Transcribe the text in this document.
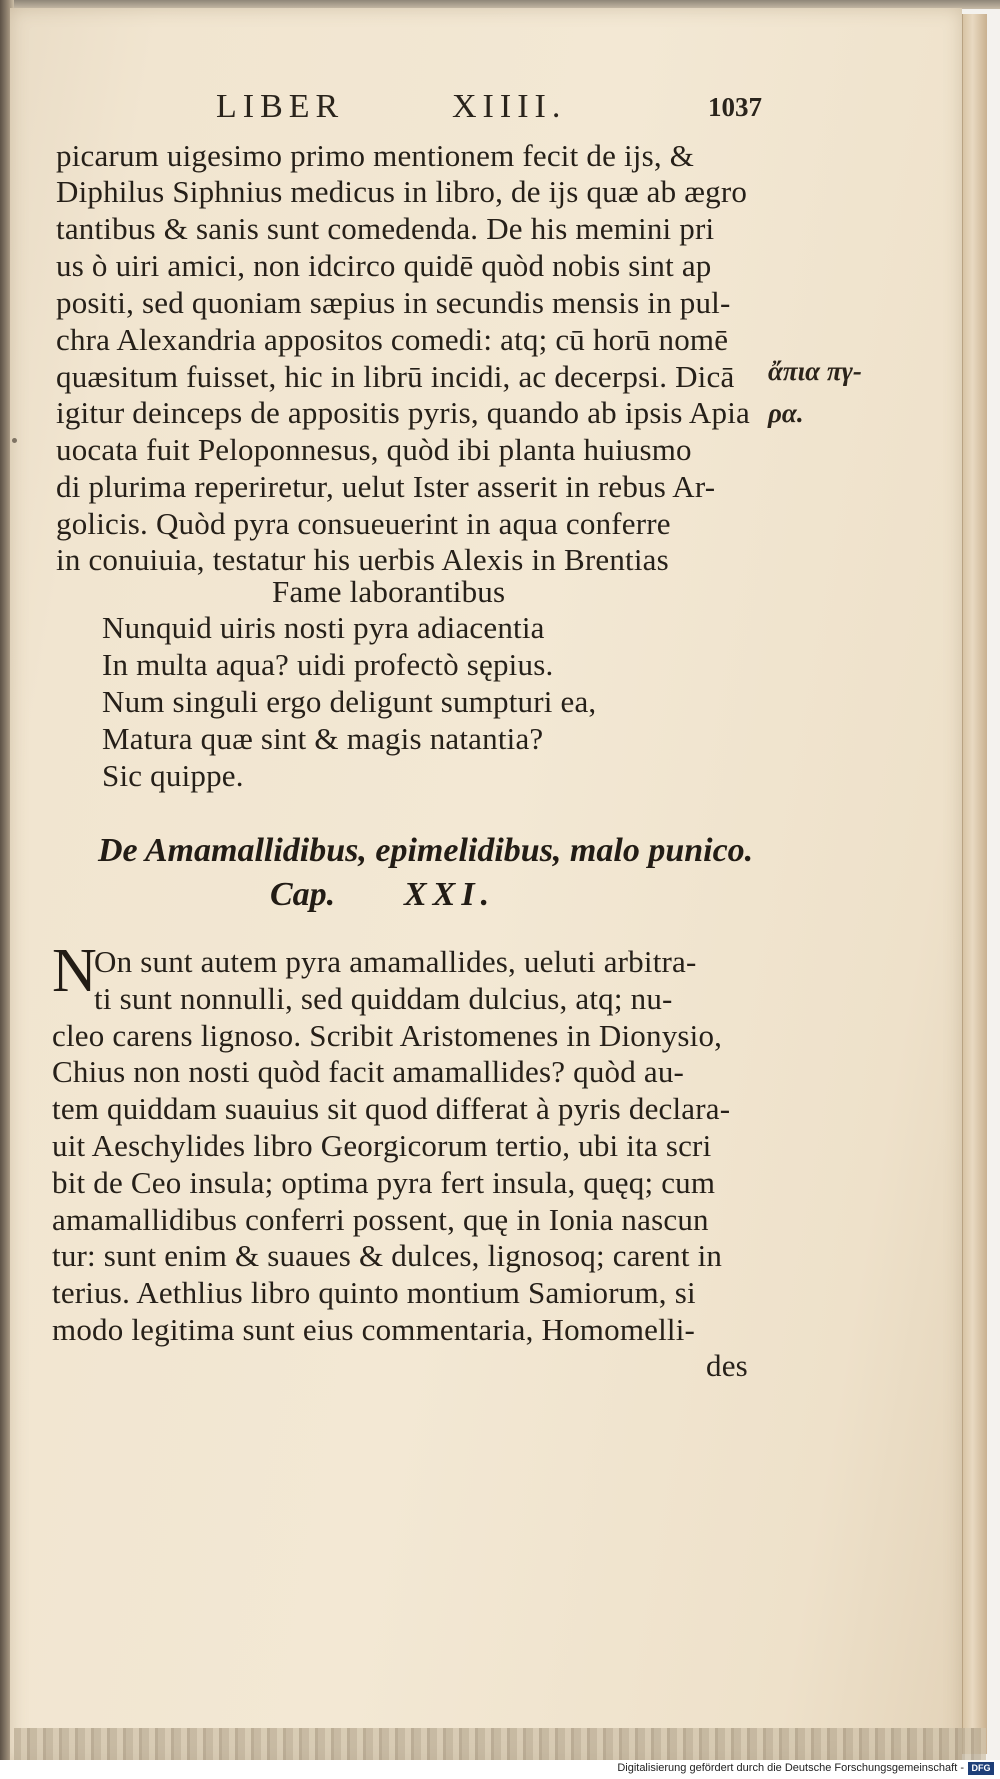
LIBER	XIIII.	1037
picarum uigesimo primo mentionem fecit de ijs, &
Diphilus Siphnius medicus in libro, de ijs quæ ab ægro
tantibus & sanis sunt comedenda. De his memini pri
us ò uiri amici, non idcirco quidē quòd nobis sint ap
positi, sed quoniam sæpius in secundis mensis in pul-
chra Alexandria appositos comedi: atq; cū horū nomē
quæsitum fuisset, hic in librū incidi, ac decerpsi. Dicā
igitur deinceps de appositis pyris, quando ab ipsis Apia
uocata fuit Peloponnesus, quòd ibi planta huiusmo
di plurima reperiretur, uelut Ister asserit in rebus Ar-
golicis. Quòd pyra consueuerint in aqua conferre
in conuiuia, testatur his uerbis Alexis in Brentias
ἄπια πγ-
ρα.
Fame laborantibus
Nunquid uiris nosti pyra adiacentia
In multa aqua? uidi profectò sępius.
Num singuli ergo deligunt sumpturi ea,
Matura quæ sint & magis natantia?
Sic quippe.
De Amamallidibus, epimelidibus, malo punico.
Cap. XXI.
N
On sunt autem pyra amamallides, ueluti arbitra-
ti sunt nonnulli, sed quiddam dulcius, atq; nu-
cleo carens lignoso. Scribit Aristomenes in Dionysio,
Chius non nosti quòd facit amamallides? quòd au-
tem quiddam suauius sit quod differat à pyris declara-
uit Aeschylides libro Georgicorum tertio, ubi ita scri
bit de Ceo insula; optima pyra fert insula, quęq; cum
amamallidibus conferri possent, quę in Ionia nascun
tur: sunt enim & suaues & dulces, lignosoq; carent in
terius. Aethlius libro quinto montium Samiorum, si
modo legitima sunt eius commentaria, Homomelli-
des
Digitalisierung gefördert durch die Deutsche Forschungsgemeinschaft - DFG
